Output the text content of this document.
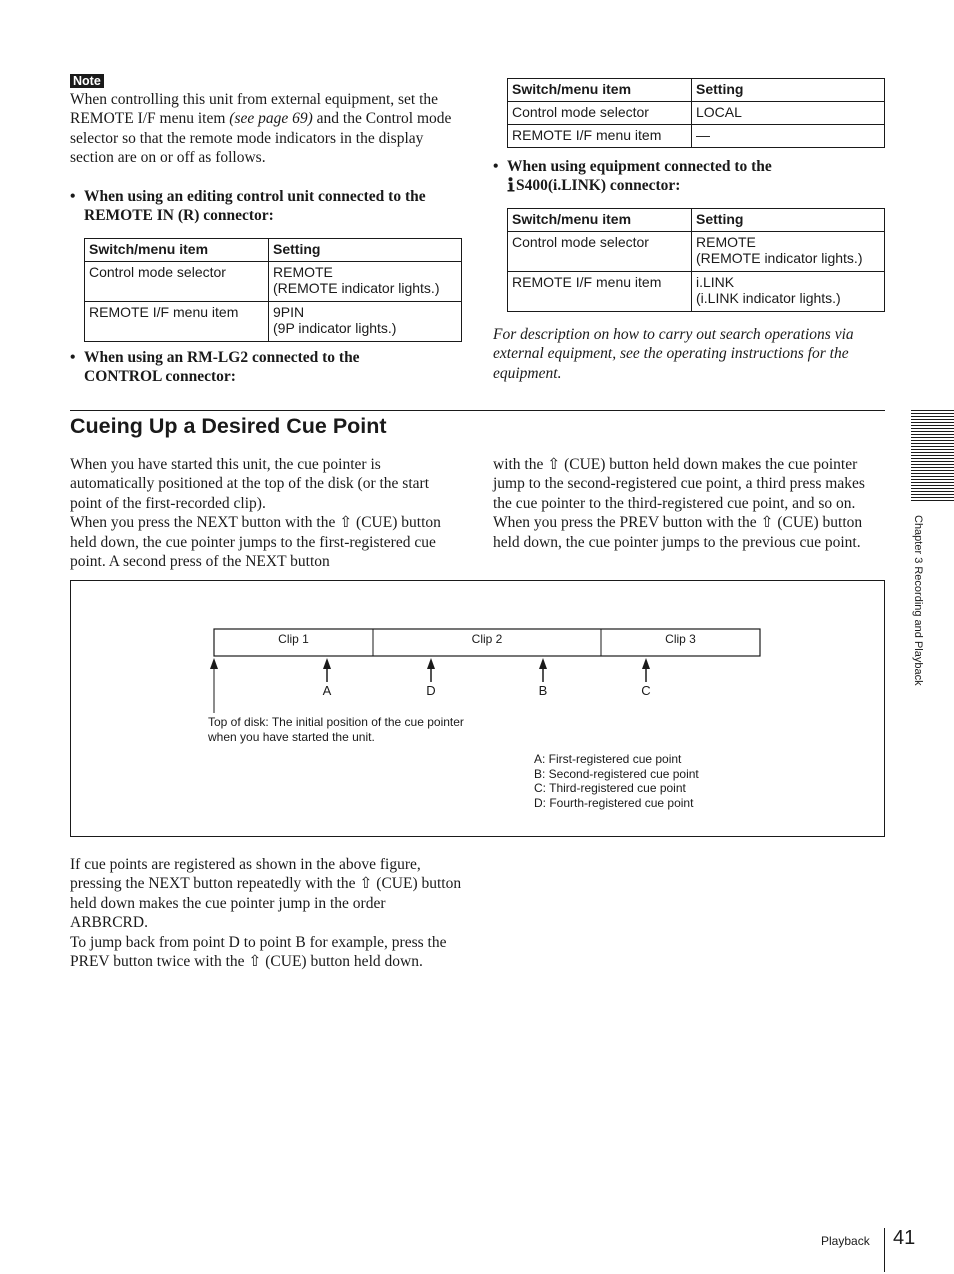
Note
When controlling this unit from external equipment, set the REMOTE I/F menu item (see page 69) and the Control mode selector so that the remote mode indicators in the display section are on or off as follows.
• When using an editing control unit connected to the REMOTE IN (R) connector:
Switch/menu item	Setting
Control mode selector	REMOTE
(REMOTE indicator lights.)
REMOTE I/F menu item	9PIN
(9P indicator lights.)
• When using an RM-LG2 connected to the CONTROL connector:
Switch/menu item	Setting
Control mode selector	LOCAL
REMOTE I/F menu item	—
• When using equipment connected to the
S400(i.LINK) connector:
Switch/menu item	Setting
Control mode selector	REMOTE
(REMOTE indicator lights.)
REMOTE I/F menu item	i.LINK
(i.LINK indicator lights.)
For description on how to carry out search operations via external equipment, see the operating instructions for the equipment.
Cueing Up a Desired Cue Point
When you have started this unit, the cue pointer is automatically positioned at the top of the disk (or the start point of the first-recorded clip).
When you press the NEXT button with the ⇧ (CUE) button held down, the cue pointer jumps to the first-registered cue point. A second press of the NEXT button
with the ⇧ (CUE) button held down makes the cue pointer jump to the second-registered cue point, a third press makes the cue pointer to the third-registered cue point, and so on.
When you press the PREV button with the ⇧ (CUE) button held down, the cue pointer jumps to the previous cue point.
Clip 1	Clip 2	Clip 3
A	D	B	C
Top of disk: The initial position of the cue pointer
when you have started the unit.
A: First-registered cue point
B: Second-registered cue point
C: Third-registered cue point
D: Fourth-registered cue point
If cue points are registered as shown in the above figure, pressing the NEXT button repeatedly with the ⇧ (CUE) button held down makes the cue pointer jump in the order ARBRCRD.
To jump back from point D to point B for example, press the PREV button twice with the ⇧ (CUE) button held down.
Chapter 3 Recording and Playback
Playback 41
